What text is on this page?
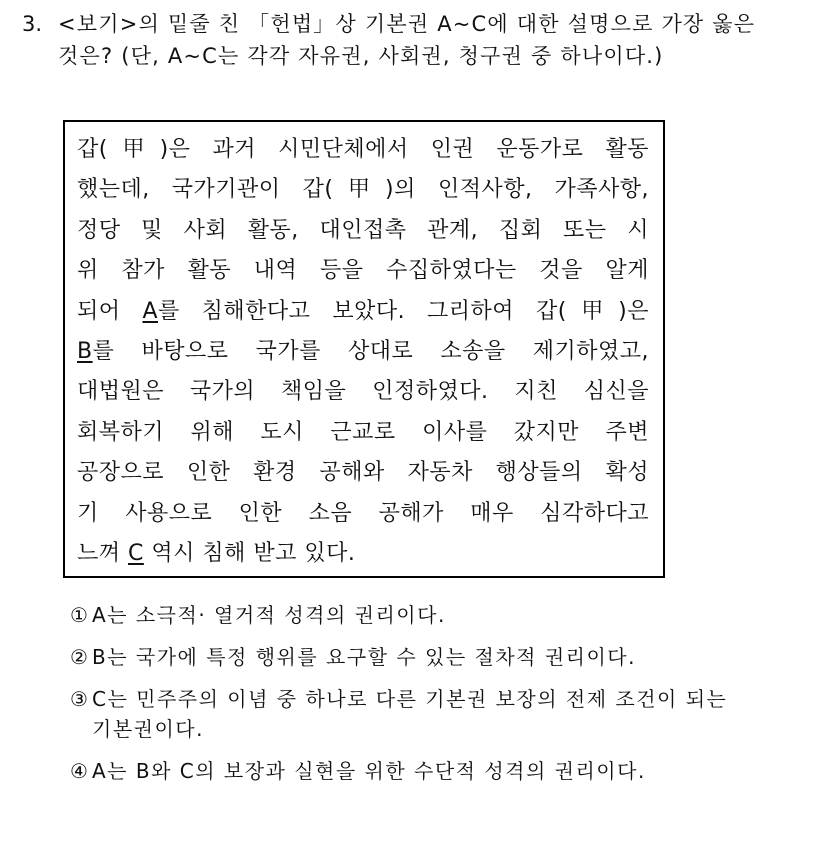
3. <보기>의 밑줄 친 「헌법」상 기본권 A~C에 대한 설명으로 가장 옳은 것은? (단, A~C는 각각 자유권, 사회권, 청구권 중 하나이다.)
갑(甲)은 과거 시민단체에서 인권 운동가로 활동
했는데, 국가기관이 갑(甲)의 인적사항, 가족사항,
정당 및 사회 활동, 대인접촉 관계, 집회 또는 시
위 참가 활동 내역 등을 수집하였다는 것을 알게
되어 A를 침해한다고 보았다. 그리하여 갑(甲)은
B를 바탕으로 국가를 상대로 소송을 제기하였고,
대법원은 국가의 책임을 인정하였다. 지친 심신을
회복하기 위해 도시 근교로 이사를 갔지만 주변
공장으로 인한 환경 공해와 자동차 행상들의 확성
기 사용으로 인한 소음 공해가 매우 심각하다고
느껴 C 역시 침해 받고 있다.
① A는 소극적· 열거적 성격의 권리이다.
② B는 국가에 특정 행위를 요구할 수 있는 절차적 권리이다.
③ C는 민주주의 이념 중 하나로 다른 기본권 보장의 전제 조건이 되는 기본권이다.
④ A는 B와 C의 보장과 실현을 위한 수단적 성격의 권리이다.
